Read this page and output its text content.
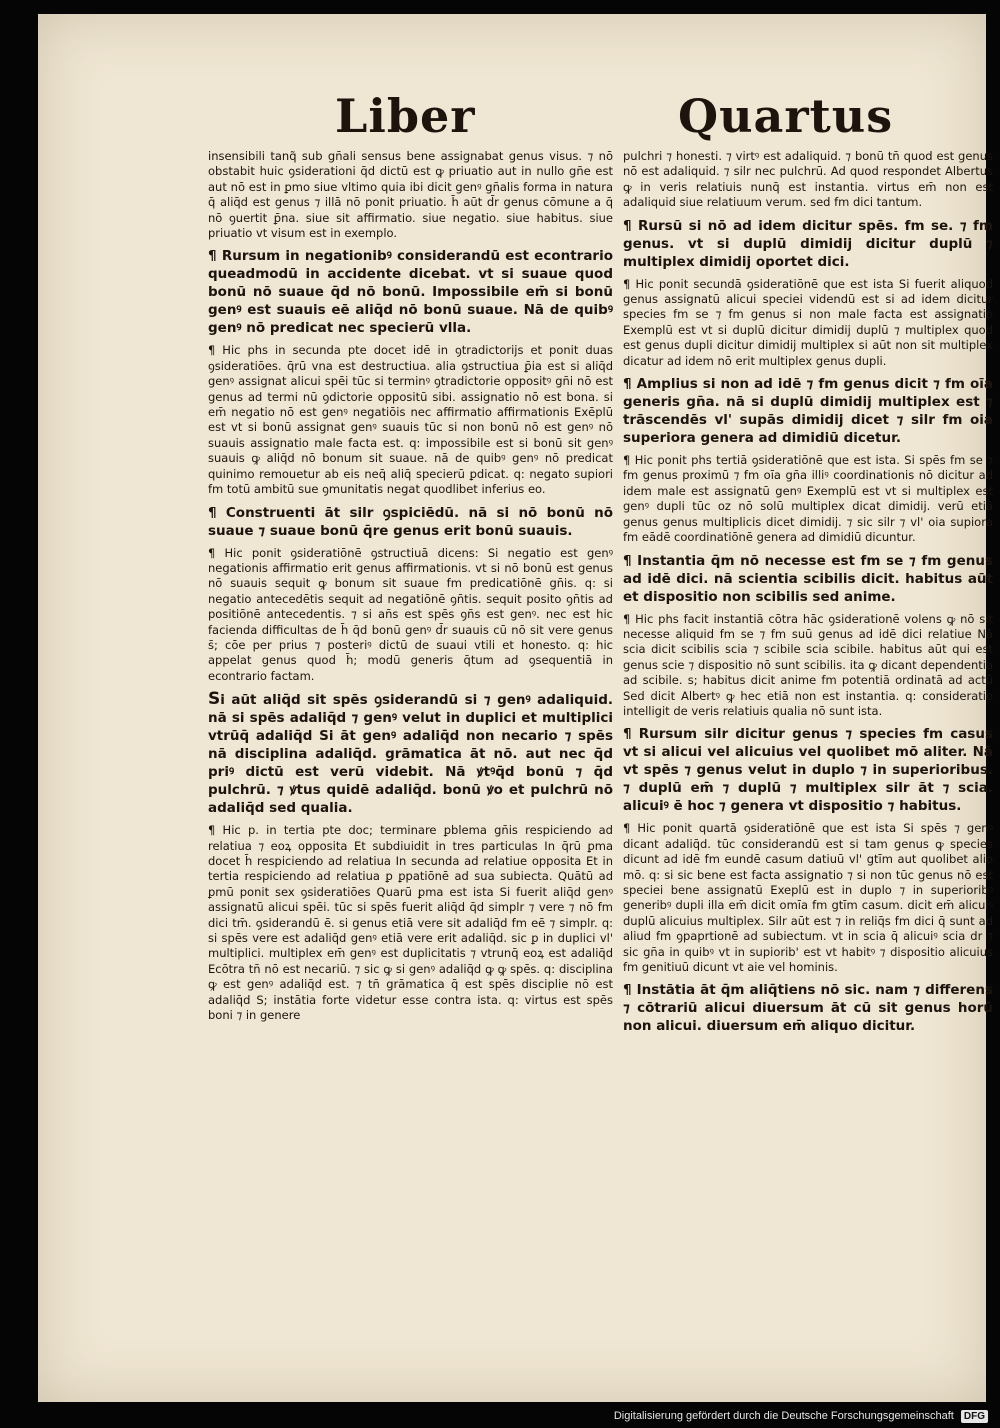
Liber	Quartus

insensibili tanq̃ sub gn̄ali sensus bene assignabat genus visus. ⁊ nō obstabit huic ꝯsiderationi q̄d dictū est ꝙ priuatio aut in nullo gn̄e est aut nō est in ꝑmo siue vltimo quia ibi dicit genꝰ gn̄alis forma in natura q̄ aliq̄d est genus ⁊ illā nō ponit priuatio. h̄ aūt d̄r genus cōmune a q̄ nō ꝯuertit ꝑ̄na. siue sit affirmatio. siue negatio. siue habitus. siue priuatio vt visum est in exemplo.

¶ Rursum in negationibꝰ considerandū est econtrario queadmodū in accidente dicebat. vt si suaue quod bonū nō suaue q̄d nō bonū. Impossibile em̄ si bonū genꝰ est suauis eē aliq̄d nō bonū suaue. Nā de quibꝰ genꝰ nō predicat nec specierū vlla.

¶ Hic phs in secunda pte docet idē in ꝯtradictorijs et ponit duas ꝯsideratiōes. q̄rū vna est destructiua. alia ꝯstructiua ꝑ̄ia est si aliq̄d genꝰ assignat alicui spēi tūc si terminꝰ ꝯtradictorie oppositꝰ gn̄i nō est genus ad termi nū ꝯdictorie oppositū sibi. assignatio nō est bona. si em̄ negatio nō est genꝰ negatiōis nec affirmatio affirmationis Exēplū est vt si bonū assignat genꝰ suauis tūc si non bonū nō est genꝰ nō suauis assignatio male facta est. q: impossibile est si bonū sit genꝰ suauis ꝙ aliq̄d nō bonum sit suaue. nā de quibꝰ genꝰ nō predicat quinimo remouetur ab eis neq̄ aliq̄ specierū ꝑdicat. q: negato supiori fm totū ambitū sue ꝯmunitatis negat quodlibet inferius eo.

¶ Construenti āt silr ꝯspiciēdū. nā si nō bonū nō suaue ⁊ suaue bonū q̄re genus erit bonū suauis.

¶ Hic ponit ꝯsideratiōnē ꝯstructiuā dicens: Si negatio est genꝰ negationis affirmatio erit genus affirmationis. vt si nō bonū est genus nō suauis sequit ꝙ bonum sit suaue fm predicatiōnē gn̄is. q: si negatio antecedētis sequit ad negatiōnē ꝯn̄tis. sequit posito ꝯn̄tis ad positiōnē antecedentis. ⁊ si an̄s est spēs ꝯn̄s est genꝰ. nec est hic facienda difficultas de h̄ q̄d bonū genꝰ d̄r suauis cū nō sit vere genus s̄; cōe per prius ⁊ posteriꝰ dictū de suaui vtili et honesto. q: hic appelat genus quod h̄; modū generis q̄tum ad ꝯsequentiā in econtrario factam.

Si aūt aliq̄d sit spēs ꝯsiderandū si ⁊ genꝰ adaliquid. nā si spēs adaliq̄d ⁊ genꝰ velut in duplici et multiplici vtrūq̄ adaliq̄d Si āt genꝰ adaliq̄d non necario ⁊ spēs nā disciplina adaliq̄d. grāmatica āt nō. aut nec q̄d priꝰ dictū est verū videbit. Nā ꝟtꝰq̄d bonū ⁊ q̄d pulchrū. ⁊ ꝟtus quidē adaliq̄d. bonū ꝟo et pulchrū nō adaliq̄d sed qualia.

¶ Hic p. in tertia pte doc; terminare ꝑblema gn̄is respiciendo ad relatiua ⁊ eoꝝ opposita Et subdiuidit in tres particulas In q̄rū ꝑma docet h̄ respiciendo ad relatiua In secunda ad relatiue opposita Et in tertia respiciendo ad relatiua ꝑ ꝑpatiōnē ad sua subiecta. Quātū ad ꝑmū ponit sex ꝯsideratiōes Quarū ꝑma est ista Si fuerit aliq̄d genꝰ assignatū alicui spēi. tūc si spēs fuerit aliq̄d q̄d simplr ⁊ vere ⁊ nō fm dici tm̄. ꝯsiderandū ē. si genus etiā vere sit adaliq̄d fm eē ⁊ simplr. q: si spēs vere est adaliq̄d genꝰ etiā vere erit adaliq̄d. sic ꝑ in duplici vl' multiplici. multiplex em̄ genꝰ est duplicitatis ⁊ vtrunq̄ eoꝝ est adaliq̄d Ecōtra tn̄ nō est necariū. ⁊ sic ꝙ si genꝰ adaliq̄d ꝙ ꝙ spēs. q: disciplina ꝙ est genꝰ adaliq̄d est. ⁊ tn̄ grāmatica q̄ est spēs disciplie nō est adaliq̄d S; instātia forte videtur esse contra ista. q: virtus est spēs boni ⁊ in genere

pulchri ⁊ honesti. ⁊ virtꝰ est adaliquid. ⁊ bonū tn̄ quod est genus nō est adaliquid. ⁊ silr nec pulchrū. Ad quod respondet Albertus ꝙ in veris relatiuis nunq̄ est instantia. virtus em̄ non est adaliquid siue relatiuum verum. sed fm dici tantum.

¶ Rursū si nō ad idem dicitur spēs. fm se. ⁊ fm genus. vt si duplū dimidij dicitur duplū ⁊ multiplex dimidij oportet dici.

¶ Hic ponit secundā ꝯsideratiōnē que est ista Si fuerit aliquod genus assignatū alicui speciei videndū est si ad idem dicitur species fm se ⁊ fm genus si non male facta est assignatio Exemplū est vt si duplū dicitur dimidij duplū ⁊ multiplex quod est genus dupli dicitur dimidij multiplex si aūt non sit multiplex dicatur ad idem nō erit multiplex genus dupli.

¶ Amplius si non ad idē ⁊ fm genus dicit ⁊ fm oīa generis gn̄a. nā si duplū dimidij multiplex est ⁊ trāscendēs vl' supās dimidij dicet ⁊ silr fm oia superiora genera ad dimidiū dicetur.

¶ Hic ponit phs tertiā ꝯsideratiōnē que est ista. Si spēs fm se ⁊ fm genus proximū ⁊ fm oīa gn̄a illiꝰ coordinationis nō dicitur ad idem male est assignatū genꝰ Exemplū est vt si multiplex est genꝰ dupli tūc oz nō solū multiplex dicat dimidij. verū etiā genus genus multiplicis dicet dimidij. ⁊ sic silr ⁊ vl' oia supiora fm eādē coordinatiōnē genera ad dimidiū dicuntur.

¶ Instantia q̄m nō necesse est fm se ⁊ fm genus ad idē dici. nā scientia scibilis dicit. habitus aūt et dispositio non scibilis sed anime.

¶ Hic phs facit instantiā cōtra hāc ꝯsiderationē volens ꝙ nō sit necesse aliquid fm se ⁊ fm suū genus ad idē dici relatiue Nā scia dicit scibilis scia ⁊ scibile scia scibile. habitus aūt qui est genus scie ⁊ dispositio nō sunt scibilis. ita ꝙ dicant dependentia ad scibile. s; habitus dicit anime fm potentiā ordinatā ad actū Sed dicit Albertꝰ ꝙ hec etiā non est instantia. q: consideratio intelligit de veris relatiuis qualia nō sunt ista.

¶ Rursum silr dicitur genus ⁊ species fm casus vt si alicui vel alicuius vel quolibet mō aliter. Nā vt spēs ⁊ genus velut in duplo ⁊ in superioribus. ⁊ duplū em̄ ⁊ duplū ⁊ multiplex silr āt ⁊ scia. alicuiꝰ ē hoc ⁊ genera vt dispositio ⁊ habitus.

¶ Hic ponit quartā ꝯsideratiōnē que est ista Si spēs ⁊ genꝰ dicant adaliq̄d. tūc considerandū est si tam genus ꝙ species dicunt ad idē fm eundē casum datiuū vl' gtīm aut quolibet alio mō. q: si sic bene est facta assignatio ⁊ si non tūc genus nō est speciei bene assignatū Exeplū est in duplo ⁊ in superioribꝰ generibꝰ dupli illa em̄ dicit omīa fm gtīm casum. dicit em̄ alicuiꝰ duplū alicuius multiplex. Silr aūt est ⁊ in reliq̄s fm dici q̄ sunt ad aliud fm ꝯpaprtionē ad subiectum. vt in scia q̄ alicuiꝰ scia dr ⁊ sic gn̄a in quibꝰ vt in supiorib' est vt habitꝰ ⁊ dispositio alicuius fm genitiuū dicunt vt aie vel hominis.

¶ Instātia āt q̄m aliq̄tiens nō sic. nam ⁊ differens ⁊ cōtrariū alicui diuersum āt cū sit genus horū non alicui. diuersum em̄ aliquo dicitur.

Digitalisierung gefördert durch die Deutsche Forschungsgemeinschaft DFG
